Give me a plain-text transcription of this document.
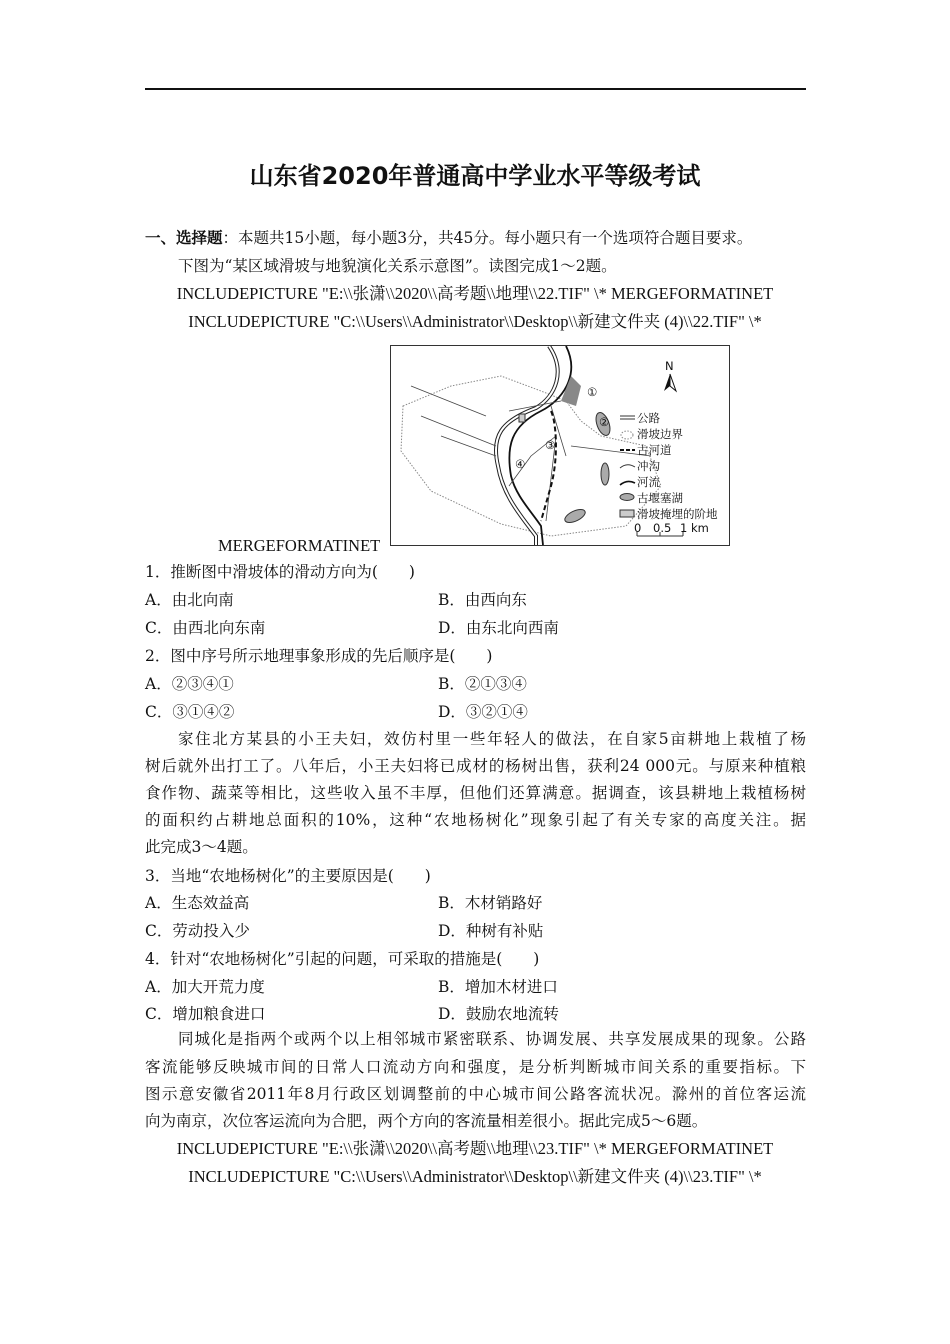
山东省2020年普通高中学业水平等级考试
一、选择题：本题共15小题，每小题3分，共45分。每小题只有一个选项符合题目要求。
下图为“某区域滑坡与地貌演化关系示意图”。读图完成1～2题。
INCLUDEPICTURE "E:\\张潇\\2020\\高考题\\地理\\22.TIF" \* MERGEFORMATINET
INCLUDEPICTURE "C:\\Users\\Administrator\\Desktop\\新建文件夹 (4)\\22.TIF" \*
MERGEFORMATINET
①
②
③
④
N
公路
滑坡边界
古河道
冲沟
河流
古堰塞湖
滑坡掩埋的阶地
0 0.5 1 km
1．推断图中滑坡体的滑动方向为(　　)
A．由北向南	B．由西向东
C．由西北向东南	D．由东北向西南
2．图中序号所示地理事象形成的先后顺序是(　　)
A．②③④①	B．②①③④
C．③①④②	D．③②①④
家住北方某县的小王夫妇，效仿村里一些年轻人的做法，在自家5亩耕地上栽植了杨
树后就外出打工了。八年后，小王夫妇将已成材的杨树出售，获利24 000元。与原来种植粮
食作物、蔬菜等相比，这些收入虽不丰厚，但他们还算满意。据调查，该县耕地上栽植杨树
的面积约占耕地总面积的10%，这种“农地杨树化”现象引起了有关专家的高度关注。据
此完成3～4题。
3．当地“农地杨树化”的主要原因是(　　)
A．生态效益高	B．木材销路好
C．劳动投入少	D．种树有补贴
4．针对“农地杨树化”引起的问题，可采取的措施是(　　)
A．加大开荒力度	B．增加木材进口
C．增加粮食进口	D．鼓励农地流转
同城化是指两个或两个以上相邻城市紧密联系、协调发展、共享发展成果的现象。公路
客流能够反映城市间的日常人口流动方向和强度，是分析判断城市间关系的重要指标。下
图示意安徽省2011年8月行政区划调整前的中心城市间公路客流状况。滁州的首位客运流
向为南京，次位客运流向为合肥，两个方向的客流量相差很小。据此完成5～6题。
INCLUDEPICTURE "E:\\张潇\\2020\\高考题\\地理\\23.TIF" \* MERGEFORMATINET
INCLUDEPICTURE "C:\\Users\\Administrator\\Desktop\\新建文件夹 (4)\\23.TIF" \*
